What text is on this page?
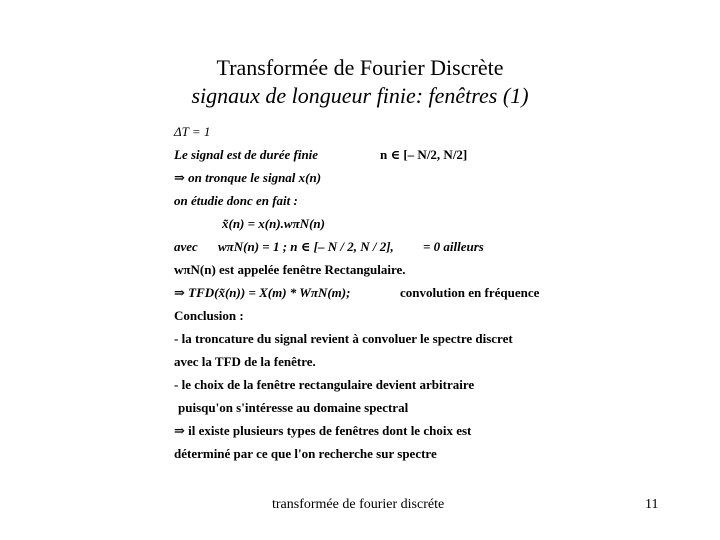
Transformée de Fourier Discrète
signaux de longueur finie: fenêtres (1)
ΔT = 1
Le signal est de durée finie	n ∈ [– N/2, N/2]
⇒ on tronque le signal x(n)
on étudie donc en fait :
x̃(n) = x(n).wπN(n)
avec wπN(n) = 1 ; n ∈ [– N / 2, N / 2], = 0 ailleurs
wπN(n) est appelée fenêtre Rectangulaire.
⇒ TFD(x̃(n)) = X(m) * WπN(m);	convolution en fréquence
Conclusion :
- la troncature du signal revient à convoluer le spectre discret
avec la TFD de la fenêtre.
- le choix de la fenêtre rectangulaire devient arbitraire
puisqu'on s'intéresse au domaine spectral
⇒ il existe plusieurs types de fenêtres dont le choix est
déterminé par ce que l'on recherche sur spectre
transformée de fourier discréte	11
